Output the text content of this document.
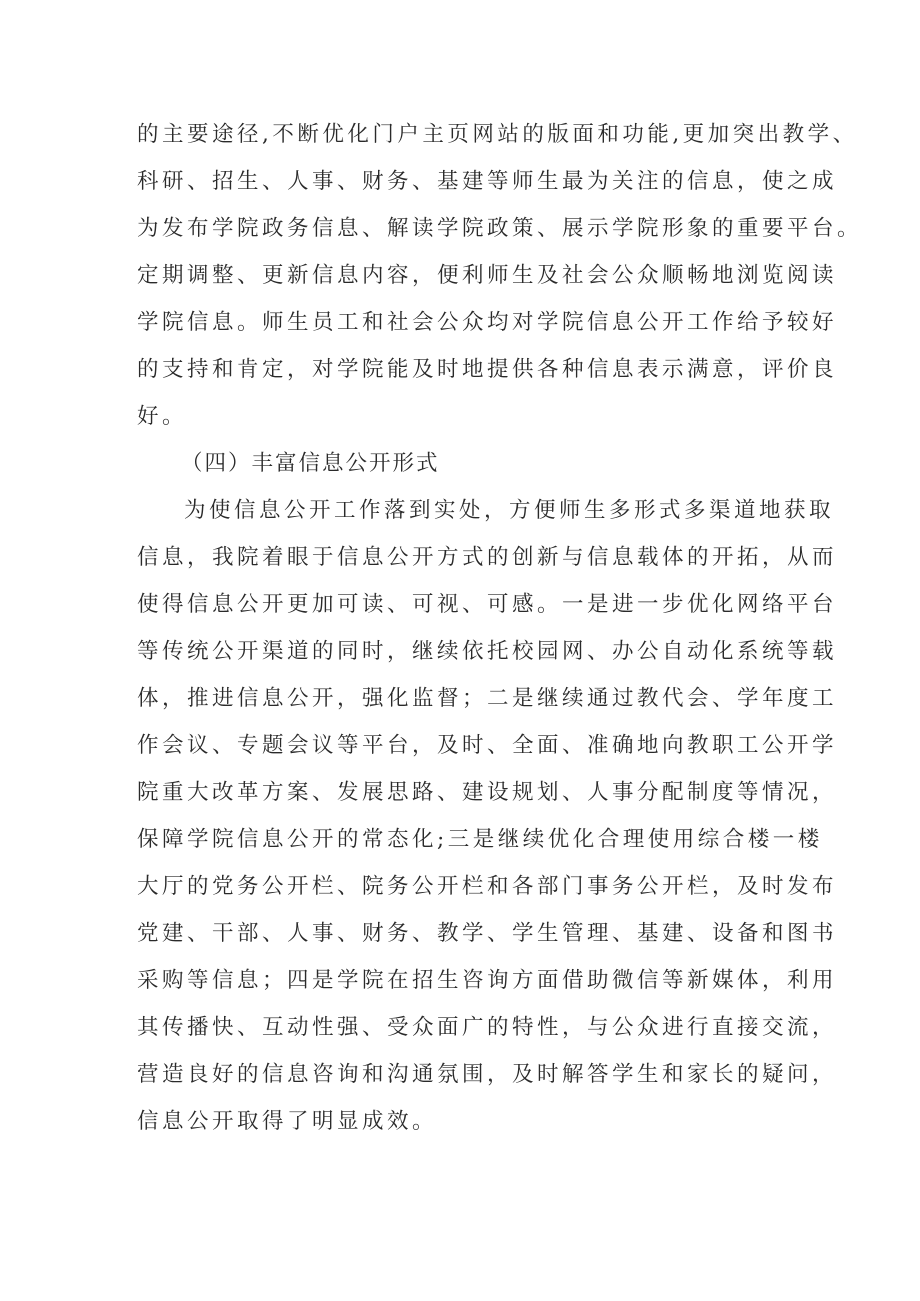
的主要途径,不断优化门户主页网站的版面和功能,更加突出教学、
科研、招生、人事、财务、基建等师生最为关注的信息，使之成
为发布学院政务信息、解读学院政策、展示学院形象的重要平台。
定期调整、更新信息内容，便利师生及社会公众顺畅地浏览阅读
学院信息。师生员工和社会公众均对学院信息公开工作给予较好
的支持和肯定，对学院能及时地提供各种信息表示满意，评价良
好。
（四）丰富信息公开形式
为使信息公开工作落到实处，方便师生多形式多渠道地获取
信息，我院着眼于信息公开方式的创新与信息载体的开拓，从而
使得信息公开更加可读、可视、可感。一是进一步优化网络平台
等传统公开渠道的同时，继续依托校园网、办公自动化系统等载
体，推进信息公开，强化监督；二是继续通过教代会、学年度工
作会议、专题会议等平台，及时、全面、准确地向教职工公开学
院重大改革方案、发展思路、建设规划、人事分配制度等情况，
保障学院信息公开的常态化;三是继续优化合理使用综合楼一楼
大厅的党务公开栏、院务公开栏和各部门事务公开栏，及时发布
党建、干部、人事、财务、教学、学生管理、基建、设备和图书
采购等信息；四是学院在招生咨询方面借助微信等新媒体，利用
其传播快、互动性强、受众面广的特性，与公众进行直接交流，
营造良好的信息咨询和沟通氛围，及时解答学生和家长的疑问，
信息公开取得了明显成效。
